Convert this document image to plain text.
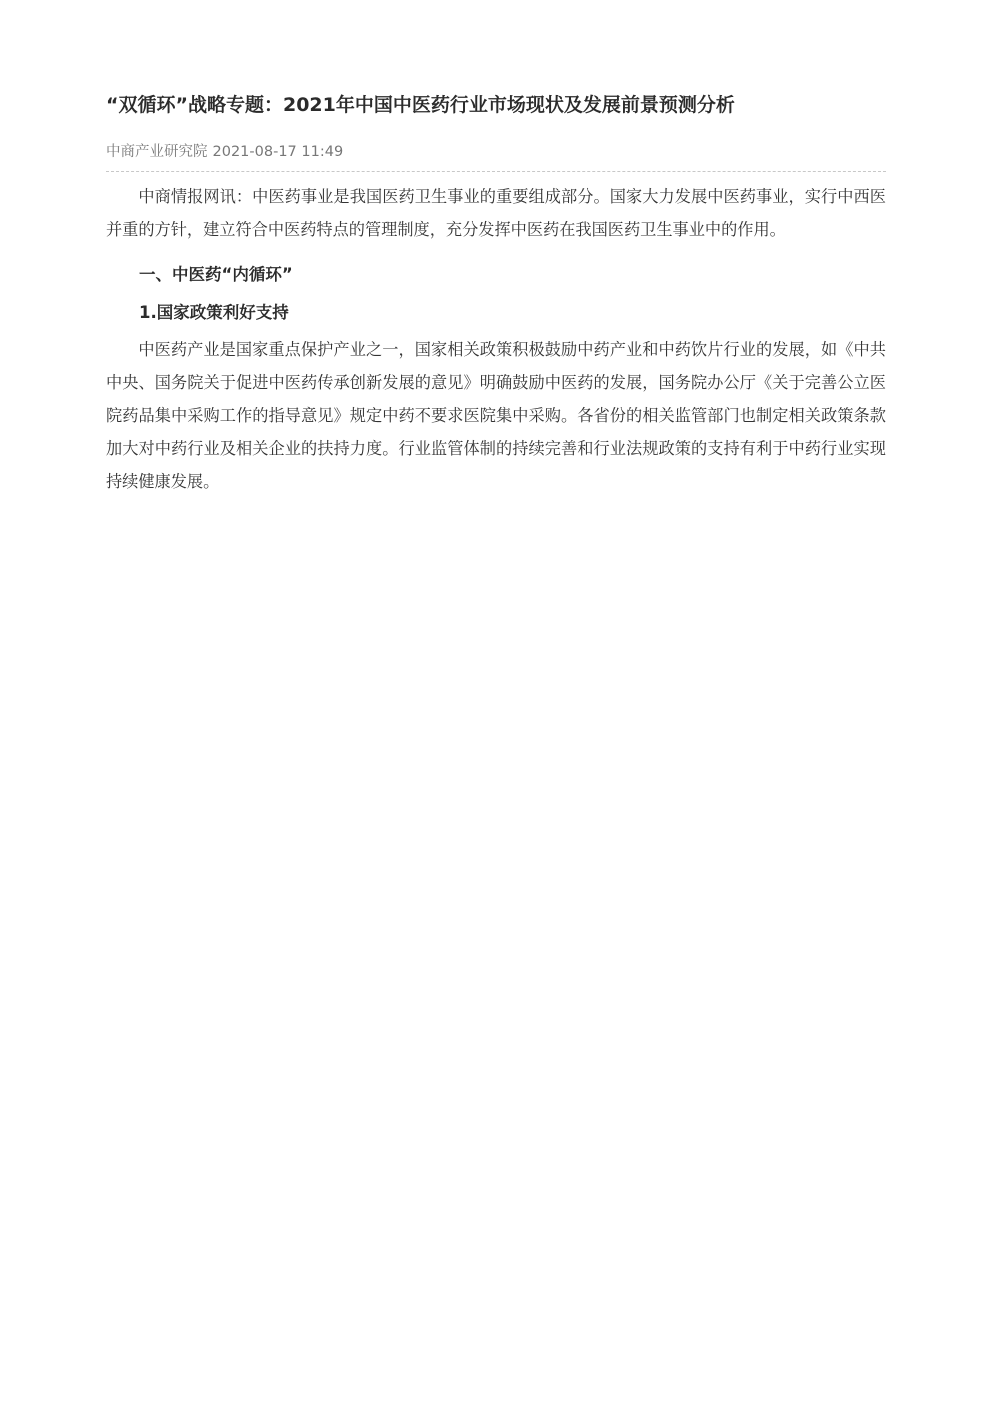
“双循环”战略专题：2021年中国中医药行业市场现状及发展前景预测分析
中商产业研究院 2021-08-17 11:49

中商情报网讯：中医药事业是我国医药卫生事业的重要组成部分。国家大力发展中医药事业，实行中西医并重的方针，建立符合中医药特点的管理制度，充分发挥中医药在我国医药卫生事业中的作用。

一、中医药“内循环”

1.国家政策利好支持

中医药产业是国家重点保护产业之一，国家相关政策积极鼓励中药产业和中药饮片行业的发展，如《中共中央、国务院关于促进中医药传承创新发展的意见》明确鼓励中医药的发展，国务院办公厅《关于完善公立医院药品集中采购工作的指导意见》规定中药不要求医院集中采购。各省份的相关监管部门也制定相关政策条款加大对中药行业及相关企业的扶持力度。行业监管体制的持续完善和行业法规政策的支持有利于中药行业实现持续健康发展。
